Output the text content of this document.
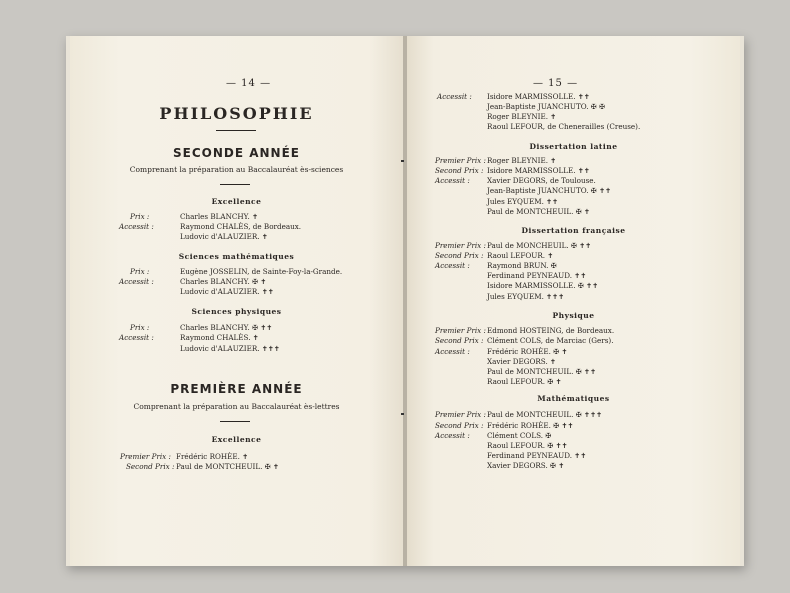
— 14 —
PHILOSOPHIE
SECONDE ANNÉE
Comprenant la préparation au Baccalauréat ès-sciences
Excellence
Prix :	Charles BLANCHY. ✝
Accessit :	Raymond CHALÈS, de Bordeaux.
Ludovic d'ALAUZIER. ✝
Sciences mathématiques
Prix :	Eugène JOSSELIN, de Sainte-Foy-la-Grande.
Accessit :	Charles BLANCHY. ✠ ✝
Ludovic d'ALAUZIER. ✝✝
Sciences physiques
Prix :	Charles BLANCHY. ✠ ✝✝
Accessit :	Raymond CHALÈS. ✝
Ludovic d'ALAUZIER. ✝✝✝
PREMIÈRE ANNÉE
Comprenant la préparation au Baccalauréat ès-lettres
Excellence
Premier Prix : Frédéric ROHÈE. ✝
Second Prix : Paul de MONTCHEUIL. ✠ ✝
— 15 —
Accessit : Isidore MARMISSOLLE. ✝✝
Jean-Baptiste JUANCHUTO. ✠ ✠
Roger BLEYNIE. ✝
Raoul LEFOUR, de Chenerailles (Creuse).
Dissertation latine
Premier Prix : Roger BLEYNIE. ✝
Second Prix : Isidore MARMISSOLLE. ✝✝
Accessit : Xavier DEGORS, de Toulouse.
Jean-Baptiste JUANCHUTO. ✠ ✝✝
Jules EYQUEM. ✝✝
Paul de MONTCHEUIL. ✠ ✝
Dissertation française
Premier Prix : Paul de MONCHEUIL. ✠ ✝✝
Second Prix : Raoul LEFOUR. ✝
Accessit : Raymond BRUN. ✠
Ferdinand PEYNEAUD. ✝✝
Isidore MARMISSOLLE. ✠ ✝✝
Jules EYQUEM. ✝✝✝
Physique
Premier Prix : Edmond HOSTEING, de Bordeaux.
Second Prix : Clément COLS, de Marciac (Gers).
Accessit : Frédéric ROHÈE. ✠ ✝
Xavier DEGORS. ✝
Paul de MONTCHEUIL. ✠ ✝✝
Raoul LEFOUR. ✠ ✝
Mathématiques
Premier Prix : Paul de MONTCHEUIL. ✠ ✝✝✝
Second Prix : Frédéric ROHÈE. ✠ ✝✝
Accessit : Clément COLS. ✠
Raoul LEFOUR. ✠ ✝✝
Ferdinand PEYNEAUD. ✝✝
Xavier DEGORS. ✠ ✝
